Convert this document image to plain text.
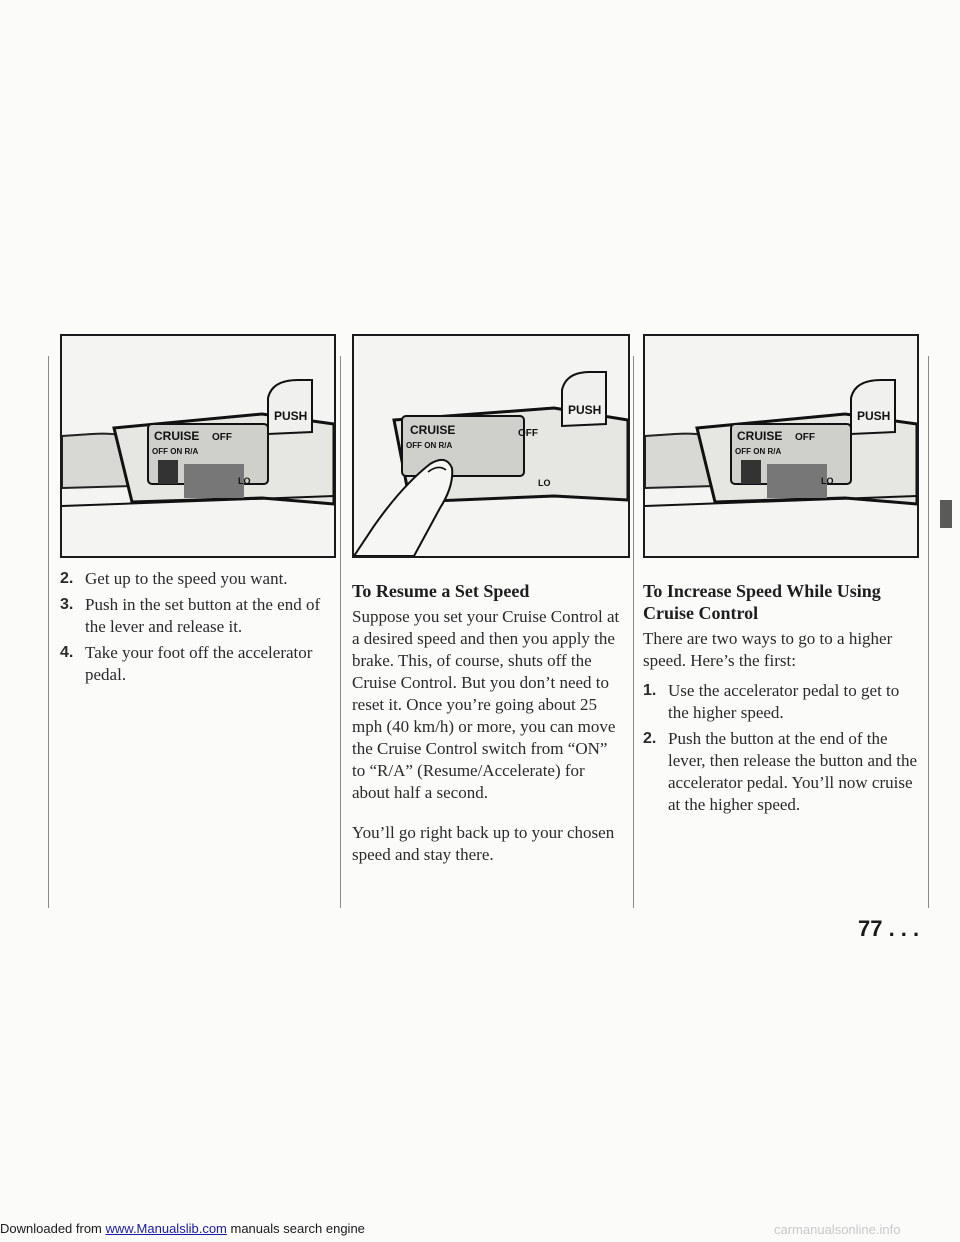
CRUISE
OFF ON R/A
PUSH
OFF
LO
CRUISE
OFF ON R/A
PUSH
OFF
LO
CRUISE
OFF ON R/A
PUSH
OFF
LO
2. Get up to the speed you want.
3. Push in the set button at the end of the lever and release it.
4. Take your foot off the accelerator pedal.
To Resume a Set Speed

Suppose you set your Cruise Control at a desired speed and then you apply the brake. This, of course, shuts off the Cruise Control. But you don’t need to reset it. Once you’re going about 25 mph (40 km/h) or more, you can move the Cruise Control switch from “ON” to “R/A” (Resume/Accelerate) for about half a second.

You’ll go right back up to your chosen speed and stay there.

To Increase Speed While Using Cruise Control

There are two ways to go to a higher speed. Here’s the first:

1. Use the accelerator pedal to get to the higher speed.
2. Push the button at the end of the lever, then release the button and the accelerator pedal. You’ll now cruise at the higher speed.
77 . . .
Downloaded from www.Manualslib.com manuals search engine	carmanualsonline.info
